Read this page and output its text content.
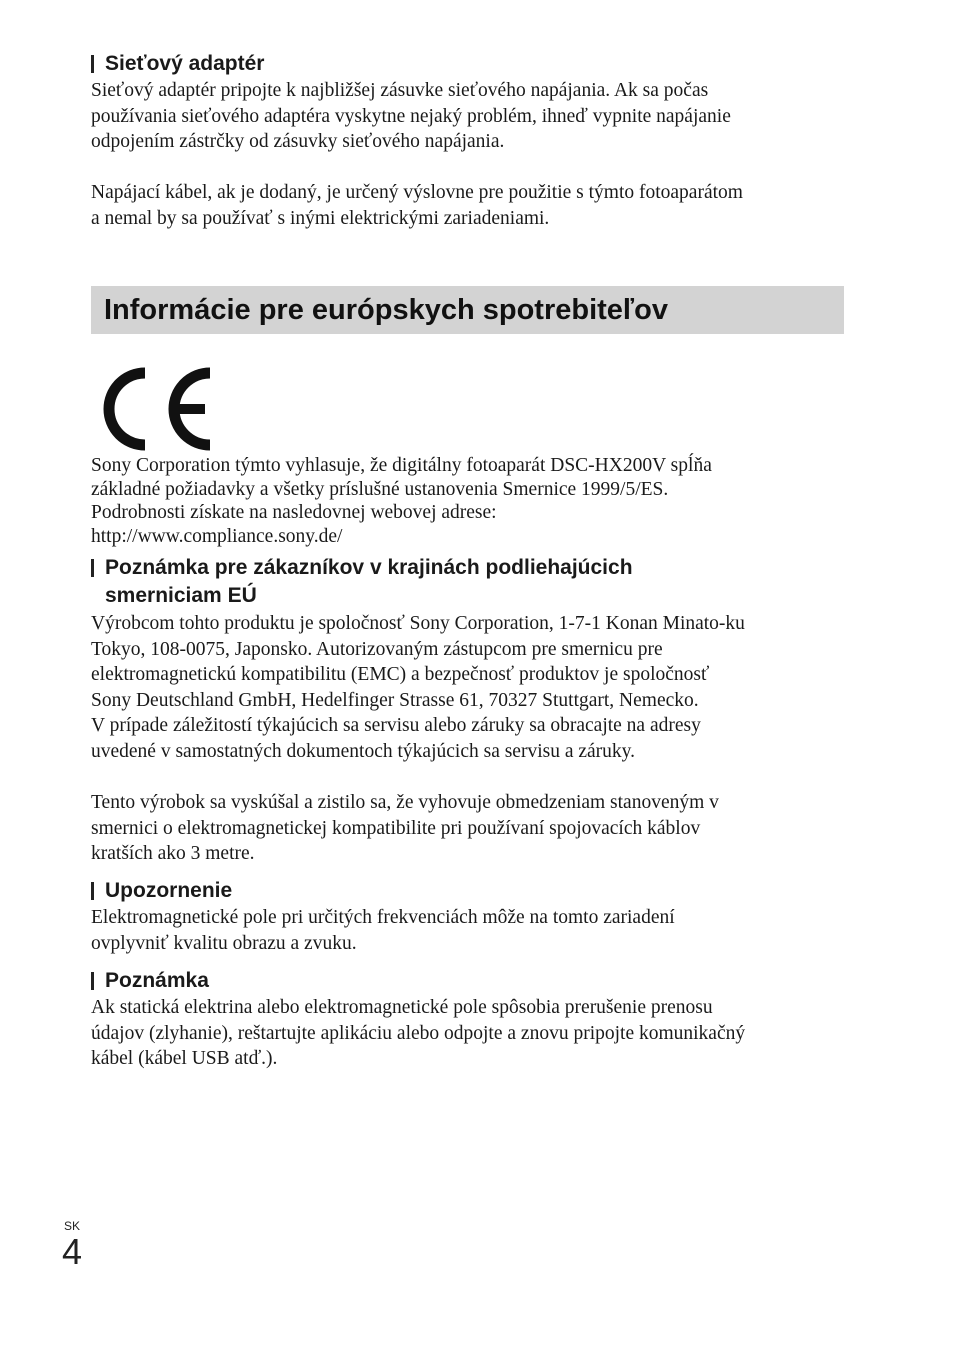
Sieťový adaptér

Sieťový adaptér pripojte k najbližšej zásuvke sieťového napájania. Ak sa počas
používania sieťového adaptéra vyskytne nejaký problém, ihneď vypnite napájanie
odpojením zástrčky od zásuvky sieťového napájania.

Napájací kábel, ak je dodaný, je určený výslovne pre použitie s týmto fotoaparátom
a nemal by sa používať s inými elektrickými zariadeniami.

Informácie pre európskych spotrebiteľov

Sony Corporation týmto vyhlasuje, že digitálny fotoaparát DSC-HX200V spĺňa
základné požiadavky a všetky príslušné ustanovenia Smernice 1999/5/ES.
Podrobnosti získate na nasledovnej webovej adrese:
http://www.compliance.sony.de/

Poznámka pre zákazníkov v krajinách podliehajúcich
smerniciam EÚ

Výrobcom tohto produktu je spoločnosť Sony Corporation, 1-7-1 Konan Minato-ku
Tokyo, 108-0075, Japonsko. Autorizovaným zástupcom pre smernicu pre
elektromagnetickú kompatibilitu (EMC) a bezpečnosť produktov je spoločnosť
Sony Deutschland GmbH, Hedelfinger Strasse 61, 70327 Stuttgart, Nemecko.
V prípade záležitostí týkajúcich sa servisu alebo záruky sa obracajte na adresy
uvedené v samostatných dokumentoch týkajúcich sa servisu a záruky.

Tento výrobok sa vyskúšal a zistilo sa, že vyhovuje obmedzeniam stanoveným v
smernici o elektromagnetickej kompatibilite pri používaní spojovacích káblov
kratších ako 3 metre.

Upozornenie

Elektromagnetické pole pri určitých frekvenciách môže na tomto zariadení
ovplyvniť kvalitu obrazu a zvuku.

Poznámka

Ak statická elektrina alebo elektromagnetické pole spôsobia prerušenie prenosu
údajov (zlyhanie), reštartujte aplikáciu alebo odpojte a znovu pripojte komunikačný
kábel (kábel USB atď.).

SK
4
